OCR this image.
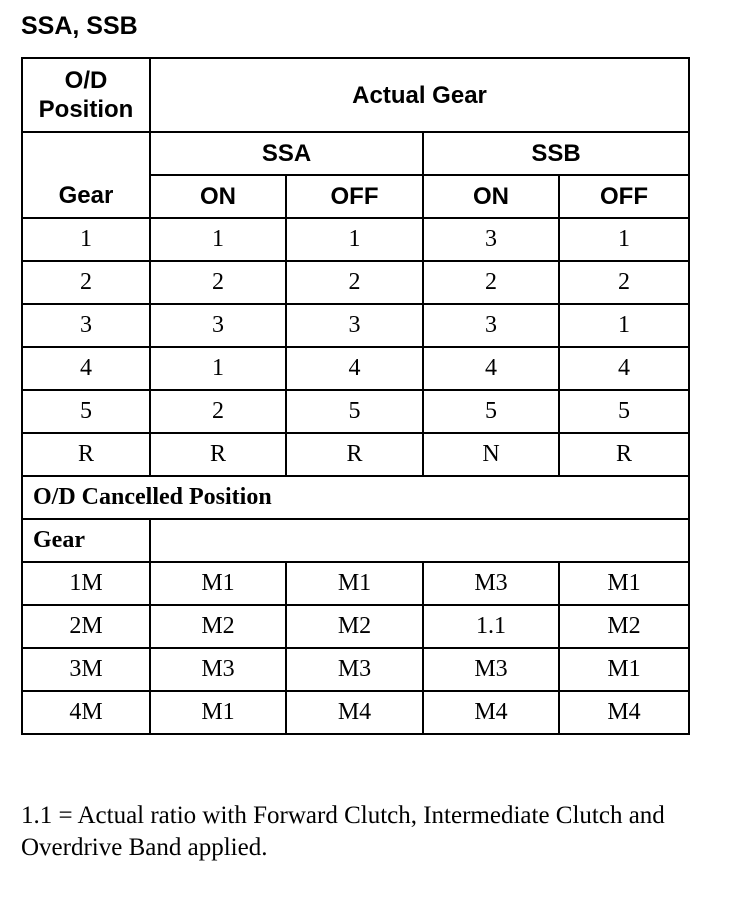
SSA, SSB
O/D Position	Actual Gear			
Gear	SSA		SSB	
	ON	OFF	ON	OFF
1	1	1	3	1
2	2	2	2	2
3	3	3	3	1
4	1	4	4	4
5	2	5	5	5
R	R	R	N	R
O/D Cancelled Position				
Gear				
1M	M1	M1	M3	M1
2M	M2	M2	1.1	M2
3M	M3	M3	M3	M1
4M	M1	M4	M4	M4

1.1 = Actual ratio with Forward Clutch, Intermediate Clutch and Overdrive Band applied.
